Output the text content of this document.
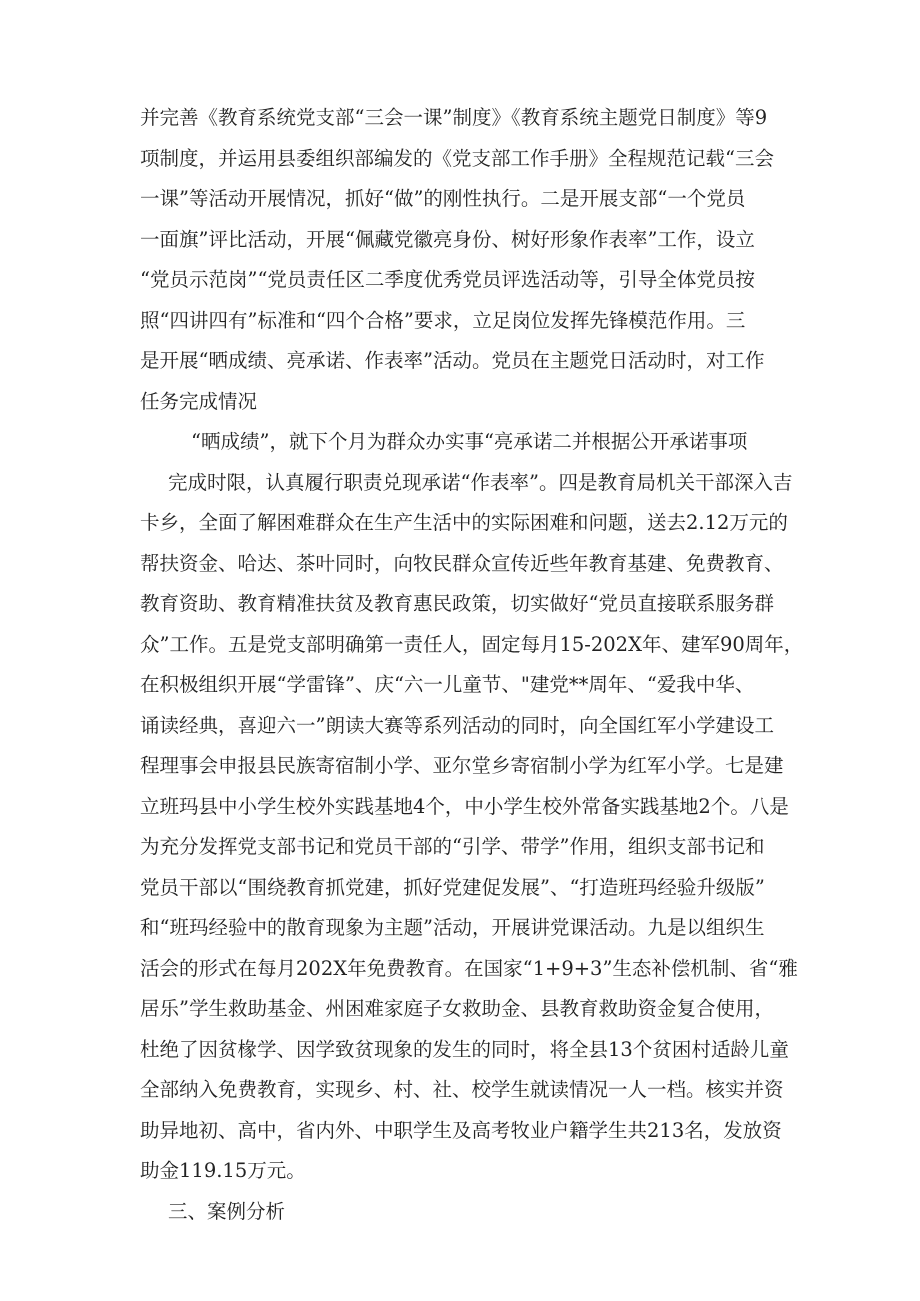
并完善《教育系统党支部“三会一课”制度》《教育系统主题党日制度》等9
项制度，并运用县委组织部编发的《党支部工作手册》全程规范记载“三会
一课”等活动开展情况，抓好“做”的刚性执行。二是开展支部“一个党员
一面旗”评比活动，开展“佩藏党徽亮身份、树好形象作表率”工作，设立
“党员示范岗”“党员责任区二季度优秀党员评选活动等，引导全体党员按
照“四讲四有”标准和“四个合格”要求，立足岗位发挥先锋模范作用。三
是开展“晒成绩、亮承诺、作表率”活动。党员在主题党日活动时，对工作
任务完成情况
“晒成绩”，就下个月为群众办实事“亮承诺二并根据公开承诺事项
完成时限，认真履行职责兑现承诺“作表率”。四是教育局机关干部深入吉
卡乡，全面了解困难群众在生产生活中的实际困难和问题，送去2.12万元的
帮扶资金、哈达、茶叶同时，向牧民群众宣传近些年教育基建、免费教育、
教育资助、教育精准扶贫及教育惠民政策，切实做好“党员直接联系服务群
众”工作。五是党支部明确第一责任人，固定每月15-202X年、建军90周年，
在积极组织开展“学雷锋”、庆“六一儿童节、"建党**周年、“爱我中华、
诵读经典，喜迎六一”朗读大赛等系列活动的同时，向全国红军小学建设工
程理事会申报县民族寄宿制小学、亚尔堂乡寄宿制小学为红军小学。七是建
立班玛县中小学生校外实践基地4个，中小学生校外常备实践基地2个。八是
为充分发挥党支部书记和党员干部的“引学、带学”作用，组织支部书记和
党员干部以“围绕教育抓党建，抓好党建促发展”、“打造班玛经验升级版”
和“班玛经验中的散育现象为主题”活动，开展讲党课活动。九是以组织生
活会的形式在每月202X年免费教育。在国家“1+9+3”生态补偿机制、省“雅
居乐”学生救助基金、州困难家庭子女救助金、县教育救助资金复合使用，
杜绝了因贫椽学、因学致贫现象的发生的同时，将全县13个贫困村适龄儿童
全部纳入免费教育，实现乡、村、社、校学生就读情况一人一档。核实并资
助异地初、高中，省内外、中职学生及高考牧业户籍学生共213名，发放资
助金119.15万元。
三、案例分析
